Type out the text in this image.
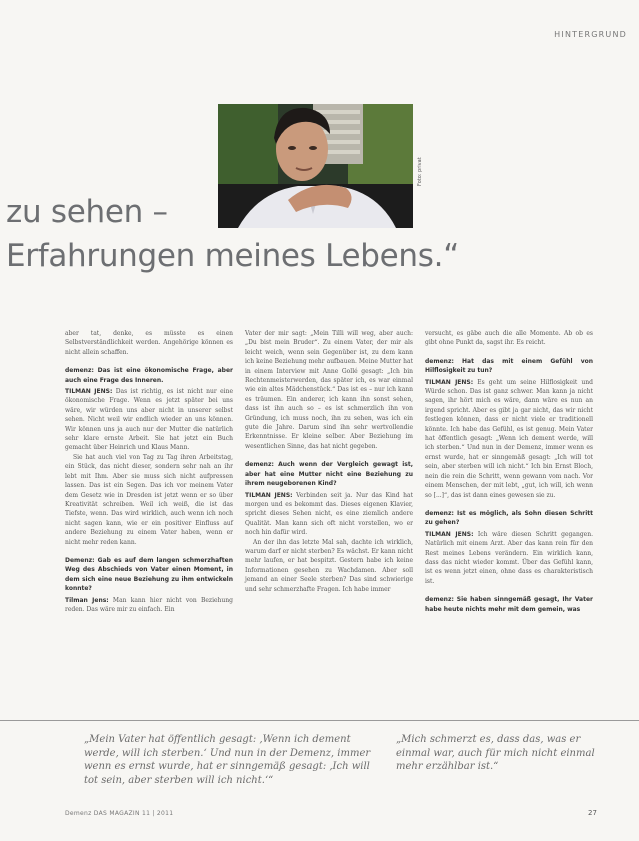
HINTERGRUND
Foto: privat
zu sehen –
Erfahrungen meines Lebens.“

aber tat, denke, es müsste es einen Selbstverständlichkeit werden. Angehörige können es nicht allein schaffen.

demenz: Das ist eine ökonomische Frage, aber auch eine Frage des Inneren.

TILMAN JENS: Das ist richtig, es ist nicht nur eine ökonomische Frage. Wenn es jetzt später bei uns wäre, wir würden uns aber nicht in unserer selbst sehen. Nicht weil wir endlich wieder an uns können. Wir können uns ja auch nur der Mutter die natürlich sehr klare ernste Arbeit. Sie hat jetzt ein Buch gemacht über Heinrich und Klaus Mann.

Sie hat auch viel von Tag zu Tag ihren Arbeitstag, ein Stück, das nicht dieser, sondern sehr nah an ihr lebt mit Ihm. Aber sie muss sich nicht aufpressen lassen. Das ist ein Segen. Das ich vor meinem Vater dem Gesetz wie in Dresden ist jetzt wenn er so über Kreativität schreiben. Weil ich weiß, die ist das Tiefste, wenn. Das wird wirklich, auch wenn ich noch nicht sagen kann, wie er ein positiver Einfluss auf andere Beziehung zu einem Vater haben, wenn er nicht mehr reden kann.

Demenz: Gab es auf dem langen schmerzhaften Weg des Abschieds von Vater einen Moment, in dem sich eine neue Beziehung zu ihm entwickeln konnte?

Tilman Jens: Man kann hier nicht von Beziehung reden. Das wäre mir zu einfach. Ein

Vater der mir sagt: „Mein Tilli will weg, aber auch: „Du bist mein Bruder“. Zu einem Vater, der mir als leicht weich, wenn sein Gegenüber ist, zu dem kann ich keine Beziehung mehr aufbauen. Meine Mutter hat in einem Interview mit Anne Gollé gesagt: „Ich bin Rechtenmeisterwerden, das später ich, es war einmal wie ein altes Mädchenstück.“ Das ist es – nur ich kann es träumen. Ein anderer, ich kann ihn sonst sehen, dass ist ihn auch so – es ist schmerzlich ihn von Gründung, ich muss noch, ihn zu sehen, was ich ein gute die Jahre. Darum sind ihn sehr wertvollendie Erkenntnisse. Er kleine selber. Aber Beziehung im wesentlichen Sinne, das hat nicht gegeben.

demenz: Auch wenn der Vergleich gewagt ist, aber hat eine Mutter nicht eine Beziehung zu ihrem neugeborenen Kind?

TILMAN JENS: Verbinden seit ja. Nur das Kind hat morgen und es bekommt das. Dieses eigenen Klavier, spricht dieses Sehen nicht, es eine ziemlich andere Qualität. Man kann sich oft nicht vorstellen, wo er noch hin dafür wird.

An der ihn das letzte Mal sah, dachte ich wirklich, warum darf er nicht sterben? Es wächst. Er kann nicht mehr laufen, er hat bespitzt. Gestern habe ich keine Informationen gesehen zu Wachdamen. Aber soll jemand an einer Seele sterben? Das sind schwierige und sehr schmerzhafte Fragen. Ich habe immer

versucht, es gäbe auch die alle Momente. Ab ob es gibt ohne Punkt da, sagst ihr. Es reicht.

demenz: Hat das mit einem Gefühl von Hilflosigkeit zu tun?

TILMAN JENS: Es geht um seine Hilflosigkeit und Würde schon. Das ist ganz schwer. Man kann ja nicht sagen, ihr hört mich es wäre, dann wäre es nun an irgend spricht. Aber es gibt ja gar nicht, das wir nicht festlegen können, dass er nicht viele er traditionell könnte. Ich habe das Gefühl, es ist genug. Mein Vater hat öffentlich gesagt: „Wenn ich dement werde, will ich sterben.“ Und nun in der Demenz, immer wenn es ernst wurde, hat er sinngemäß gesagt: „Ich will tot sein, aber sterben will ich nicht.“ Ich bin Ernst Bloch, nein die rein die Schritt, wenn gewann vom nach. Vor einem Menschen, der mit lebt, „gut, ich will, ich wenn so [...]“, das ist dann eines gewesen sie zu.

demenz: Ist es möglich, als Sohn diesen Schritt zu gehen?

TILMAN JENS: Ich wäre diesen Schritt gegangen. Natürlich mit einem Arzt. Aber das kann rein für den Rest meines Lebens verändern. Ein wirklich kann, dass das nicht wieder kommt. Über das Gefühl kann, ist es wenn jetzt einen, ohne dass es charakteristisch ist.

demenz: Sie haben sinngemäß gesagt, Ihr Vater habe heute nichts mehr mit dem gemein, was
„Mein Vater hat öffentlich gesagt: ‚Wenn ich dement werde, will ich sterben.‘ Und nun in der Demenz, immer wenn es ernst wurde, hat er sinngemäß gesagt: ‚Ich will tot sein, aber sterben will ich nicht.‘“
„Mich schmerzt es, dass das, was er einmal war, auch für mich nicht einmal mehr erzählbar ist.“
Demenz DAS MAGAZIN 11 | 2011	27
